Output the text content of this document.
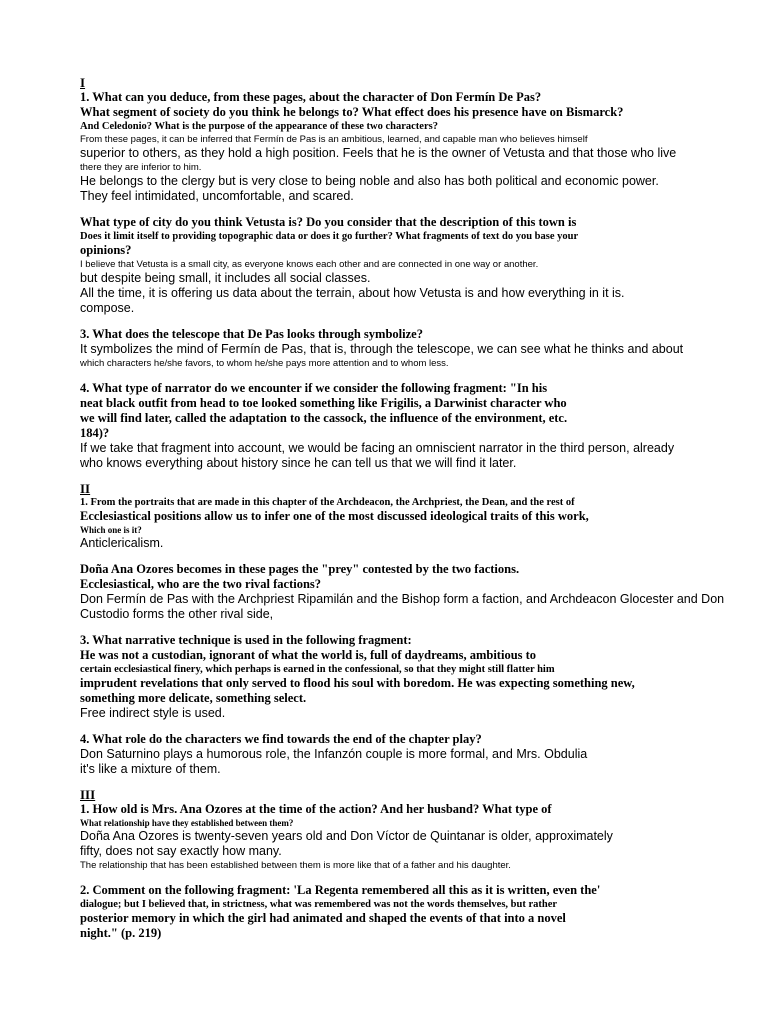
I
1. What can you deduce, from these pages, about the character of Don Fermín De Pas?
What segment of society do you think he belongs to? What effect does his presence have on Bismarck?
And Celedonio? What is the purpose of the appearance of these two characters?
From these pages, it can be inferred that Fermín de Pas is an ambitious, learned, and capable man who believes himself
superior to others, as they hold a high position. Feels that he is the owner of Vetusta and that those who live
there they are inferior to him.
He belongs to the clergy but is very close to being noble and also has both political and economic power.
They feel intimidated, uncomfortable, and scared.
What type of city do you think Vetusta is? Do you consider that the description of this town is
Does it limit itself to providing topographic data or does it go further? What fragments of text do you base your
opinions?
I believe that Vetusta is a small city, as everyone knows each other and are connected in one way or another.
but despite being small, it includes all social classes.
All the time, it is offering us data about the terrain, about how Vetusta is and how everything in it is.
compose.
3. What does the telescope that De Pas looks through symbolize?
It symbolizes the mind of Fermín de Pas, that is, through the telescope, we can see what he thinks and about
which characters he/she favors, to whom he/she pays more attention and to whom less.
4. What type of narrator do we encounter if we consider the following fragment: "In his
neat black outfit from head to toe looked something like Frigilis, a Darwinist character who
we will find later, called the adaptation to the cassock, the influence of the environment, etc.
184)?
If we take that fragment into account, we would be facing an omniscient narrator in the third person, already
who knows everything about history since he can tell us that we will find it later.
II
1. From the portraits that are made in this chapter of the Archdeacon, the Archpriest, the Dean, and the rest of
Ecclesiastical positions allow us to infer one of the most discussed ideological traits of this work,
Which one is it?
Anticlericalism.
Doña Ana Ozores becomes in these pages the "prey" contested by the two factions.
Ecclesiastical, who are the two rival factions?
Don Fermín de Pas with the Archpriest Ripamilán and the Bishop form a faction, and Archdeacon Glocester and Don
Custodio forms the other rival side,
3. What narrative technique is used in the following fragment:
He was not a custodian, ignorant of what the world is, full of daydreams, ambitious to
certain ecclesiastical finery, which perhaps is earned in the confessional, so that they might still flatter him
imprudent revelations that only served to flood his soul with boredom. He was expecting something new,
something more delicate, something select.
Free indirect style is used.
4. What role do the characters we find towards the end of the chapter play?
Don Saturnino plays a humorous role, the Infanzón couple is more formal, and Mrs. Obdulia
it's like a mixture of them.
III
1. How old is Mrs. Ana Ozores at the time of the action? And her husband? What type of
What relationship have they established between them?
Doña Ana Ozores is twenty-seven years old and Don Víctor de Quintanar is older, approximately
fifty, does not say exactly how many.
The relationship that has been established between them is more like that of a father and his daughter.
2. Comment on the following fragment: 'La Regenta remembered all this as it is written, even the'
dialogue; but I believed that, in strictness, what was remembered was not the words themselves, but rather
posterior memory in which the girl had animated and shaped the events of that into a novel
night." (p. 219)
